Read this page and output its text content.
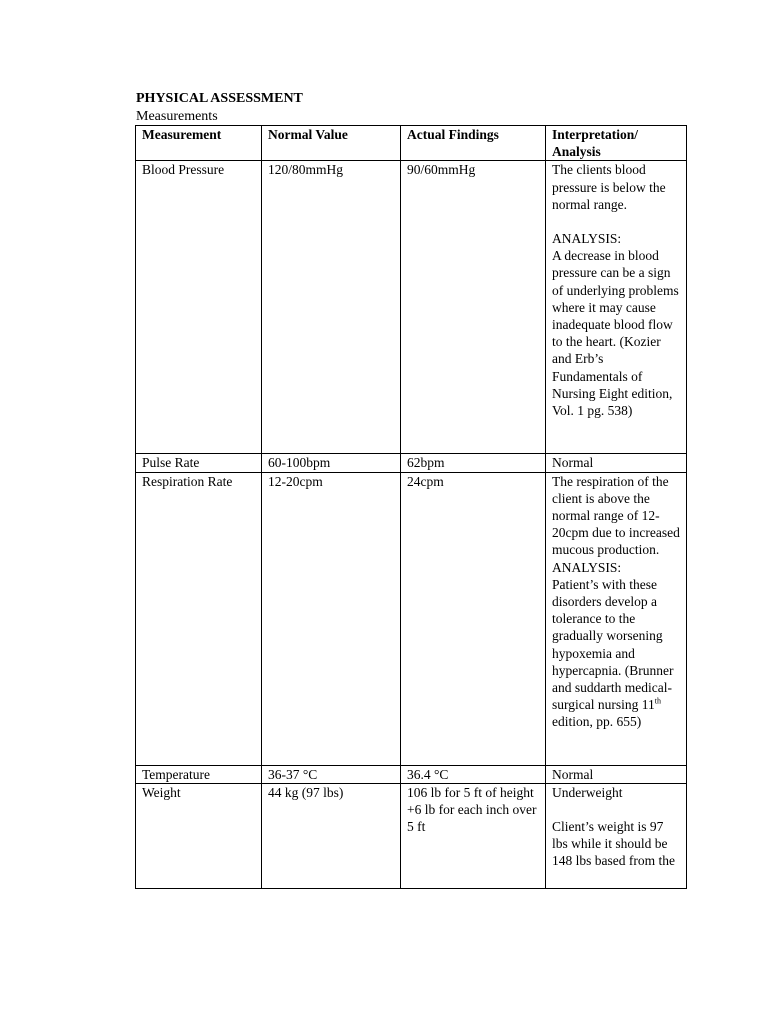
PHYSICAL ASSESSMENT
Measurements
Measurement	Normal Value	Actual Findings	Interpretation/ Analysis
Blood Pressure	120/80mmHg	90/60mmHg	The clients blood pressure is below the normal range.
ANALYSIS:
A decrease in blood pressure can be a sign of underlying problems where it may cause inadequate blood flow to the heart. (Kozier and Erb’s Fundamentals of Nursing Eight edition, Vol. 1 pg. 538)
Pulse Rate	60-100bpm	62bpm	Normal
Respiration Rate	12-20cpm	24cpm	The respiration of the client is above the normal range of 12-20cpm due to increased mucous production.
ANALYSIS:
Patient’s with these disorders develop a tolerance to the gradually worsening hypoxemia and hypercapnia. (Brunner and suddarth medical-surgical nursing 11th edition, pp. 655)
Temperature	36-37 °C	36.4 °C	Normal
Weight	44 kg (97 lbs)	106 lb for 5 ft of height
+6 lb for each inch over 5 ft	Underweight
Client’s weight is 97 lbs while it should be 148 lbs based from the
